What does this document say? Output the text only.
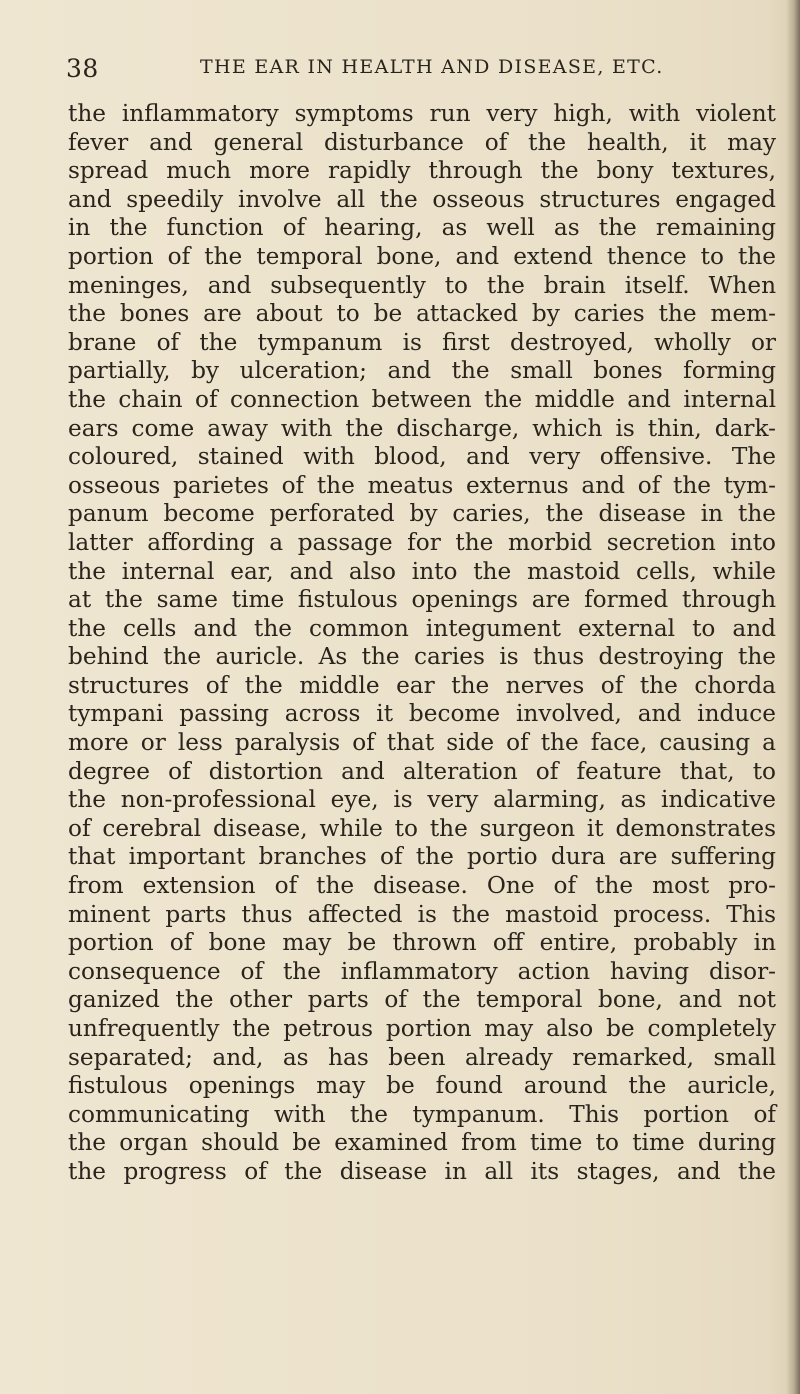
38	THE EAR IN HEALTH AND DISEASE, ETC.
the inflammatory symptoms run very high, with violent
fever and general disturbance of the health, it may
spread much more rapidly through the bony textures,
and speedily involve all the osseous structures engaged
in the function of hearing, as well as the remaining
portion of the temporal bone, and extend thence to the
meninges, and subsequently to the brain itself. When
the bones are about to be attacked by caries the mem-
brane of the tympanum is first destroyed, wholly or
partially, by ulceration; and the small bones forming
the chain of connection between the middle and internal
ears come away with the discharge, which is thin, dark-
coloured, stained with blood, and very offensive. The
osseous parietes of the meatus externus and of the tym-
panum become perforated by caries, the disease in the
latter affording a passage for the morbid secretion into
the internal ear, and also into the mastoid cells, while
at the same time fistulous openings are formed through
the cells and the common integument external to and
behind the auricle. As the caries is thus destroying the
structures of the middle ear the nerves of the chorda
tympani passing across it become involved, and induce
more or less paralysis of that side of the face, causing a
degree of distortion and alteration of feature that, to
the non-professional eye, is very alarming, as indicative
of cerebral disease, while to the surgeon it demonstrates
that important branches of the portio dura are suffering
from extension of the disease. One of the most pro-
minent parts thus affected is the mastoid process. This
portion of bone may be thrown off entire, probably in
consequence of the inflammatory action having disor-
ganized the other parts of the temporal bone, and not
unfrequently the petrous portion may also be completely
separated; and, as has been already remarked, small
fistulous openings may be found around the auricle,
communicating with the tympanum. This portion of
the organ should be examined from time to time during
the progress of the disease in all its stages, and the
